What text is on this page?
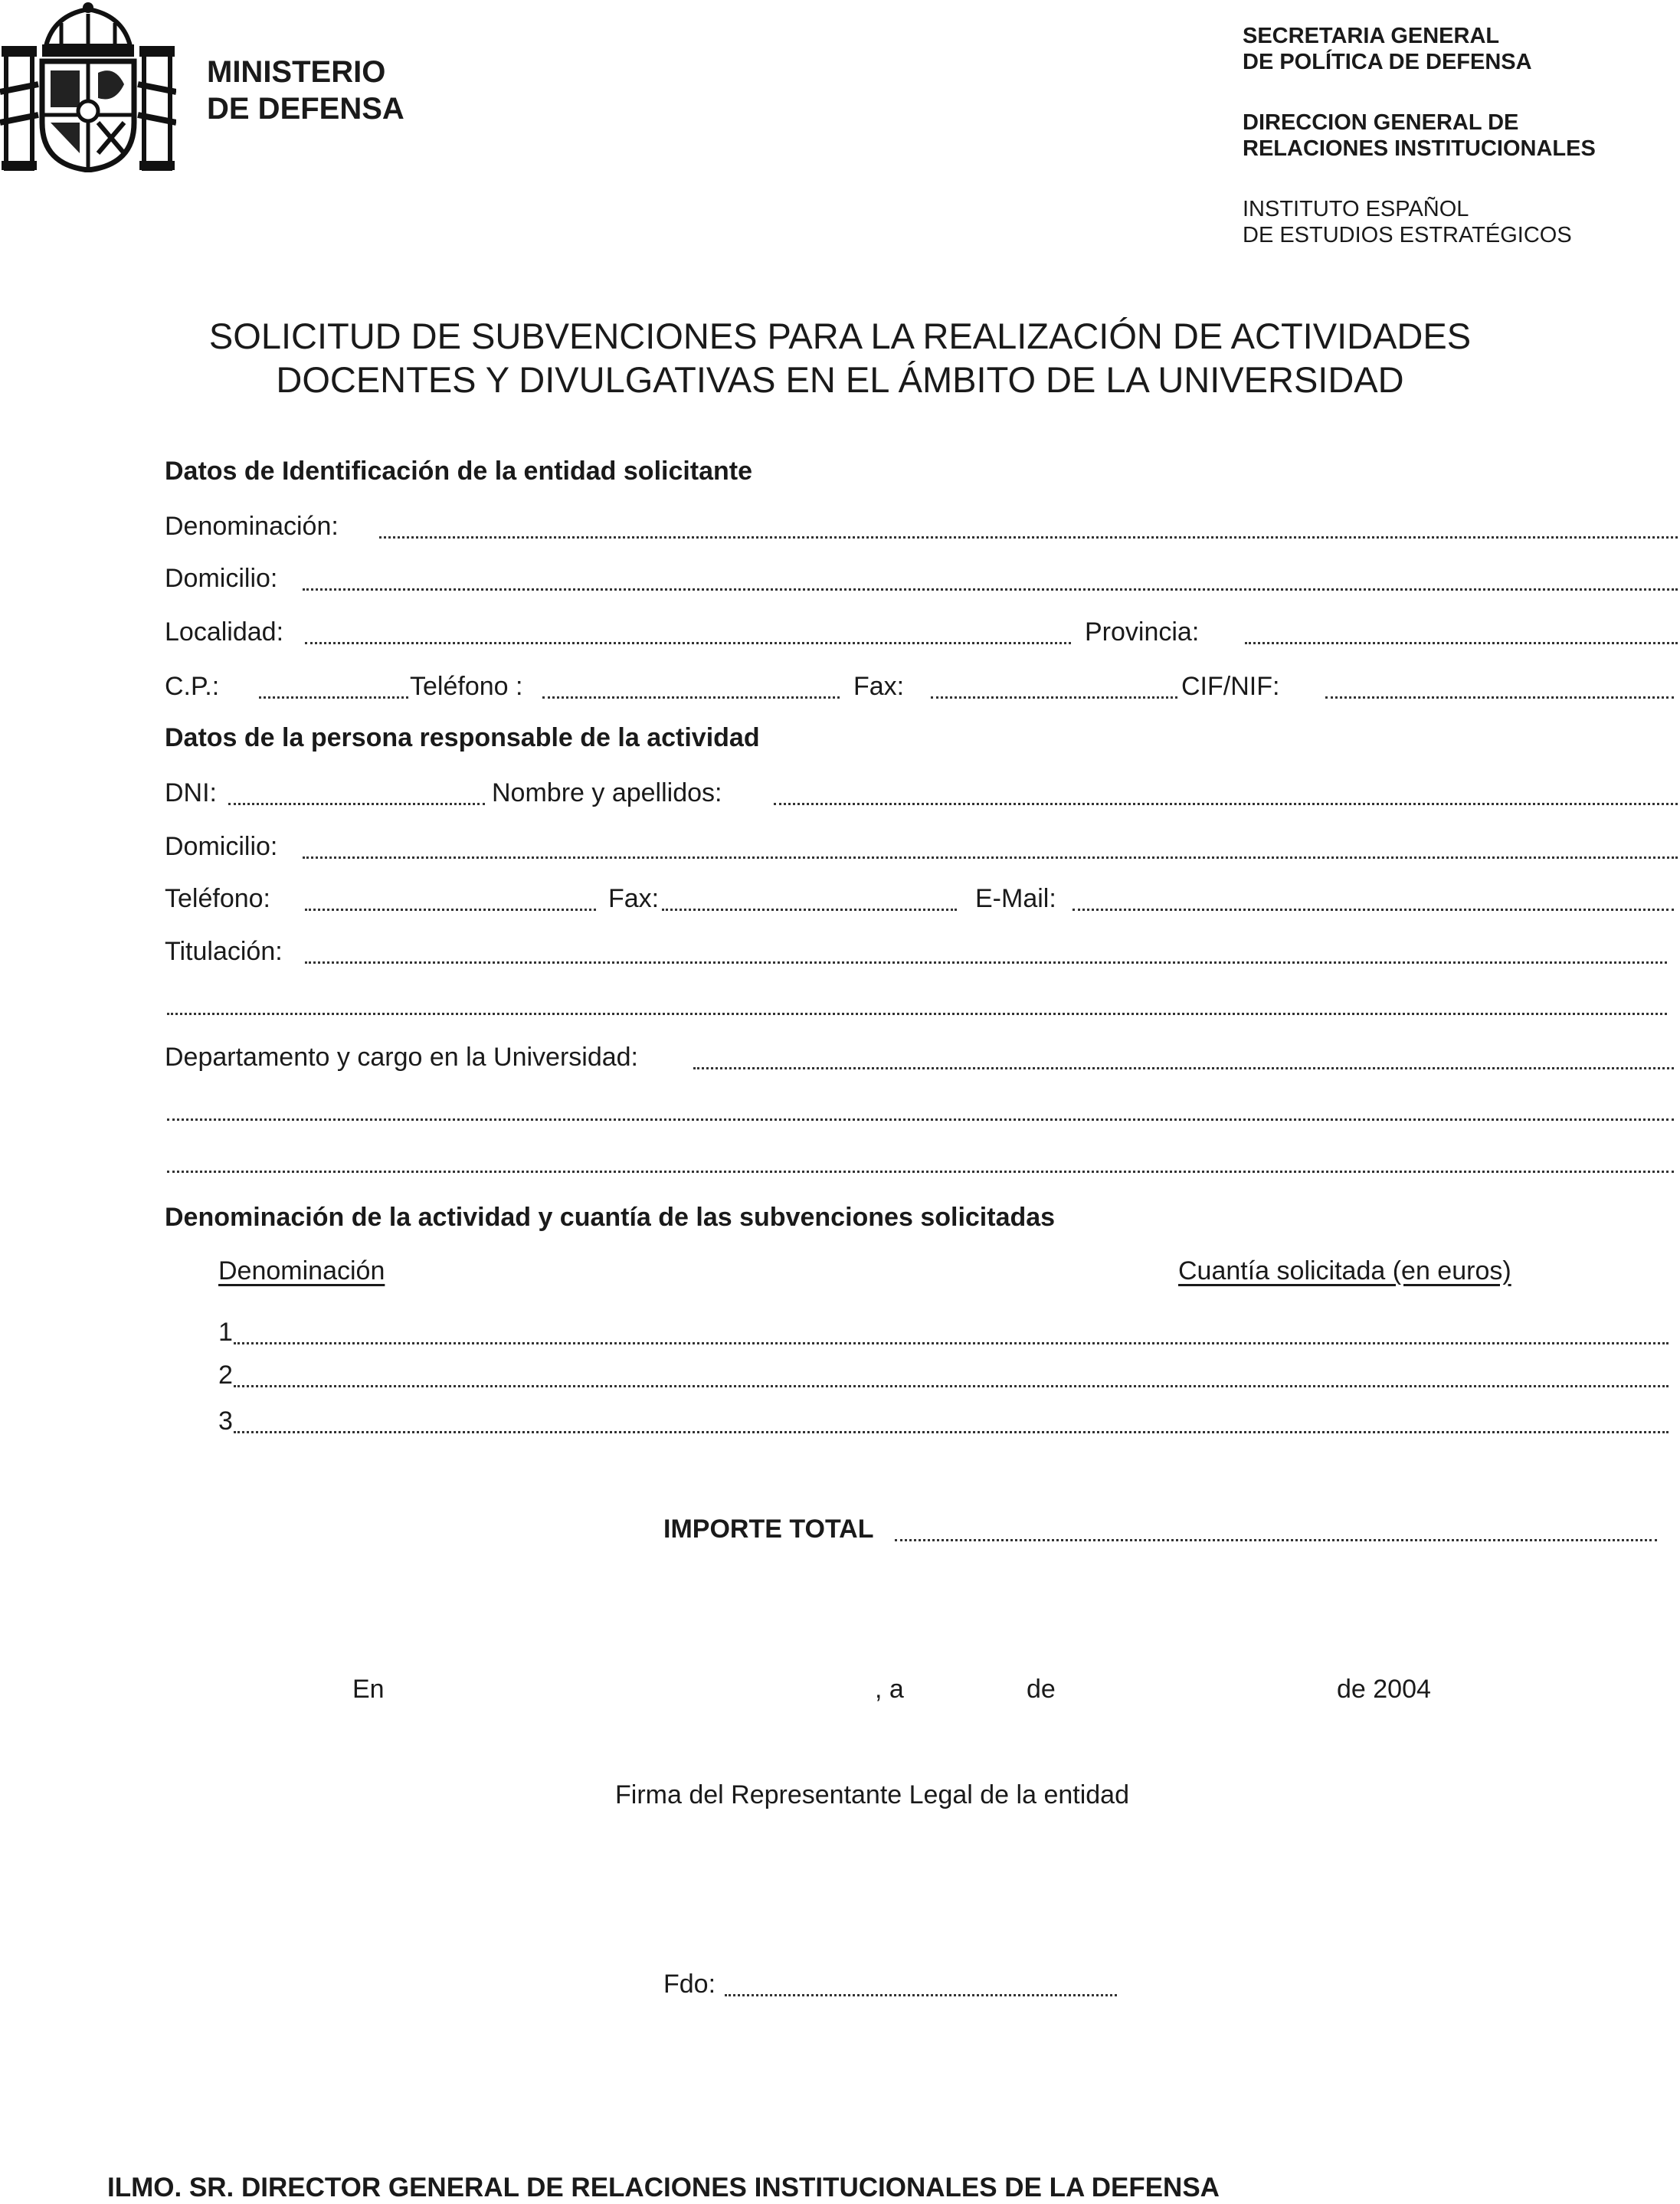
MINISTERIO
DE DEFENSA
SECRETARIA GENERAL
DE POLÍTICA DE DEFENSA
DIRECCION GENERAL DE
RELACIONES INSTITUCIONALES
INSTITUTO ESPAÑOL
DE ESTUDIOS ESTRATÉGICOS
SOLICITUD DE SUBVENCIONES PARA LA REALIZACIÓN DE ACTIVIDADES
DOCENTES Y DIVULGATIVAS EN EL ÁMBITO DE LA UNIVERSIDAD
Datos de Identificación de la entidad solicitante
Denominación:
Domicilio:
Localidad:	Provincia:
C.P.:	Teléfono :	Fax:	CIF/NIF:
Datos de la persona responsable de la actividad
DNI:	Nombre y apellidos:
Domicilio:
Teléfono:	Fax:	E-Mail:
Titulación:
Departamento y cargo en la Universidad:
Denominación de la actividad y cuantía de las subvenciones solicitadas
Denominación	Cuantía solicitada (en euros)
1
2
3
IMPORTE TOTAL
En	, a	de	de 2004
Firma del Representante Legal de la entidad
Fdo:
ILMO. SR. DIRECTOR GENERAL DE RELACIONES INSTITUCIONALES DE LA DEFENSA
